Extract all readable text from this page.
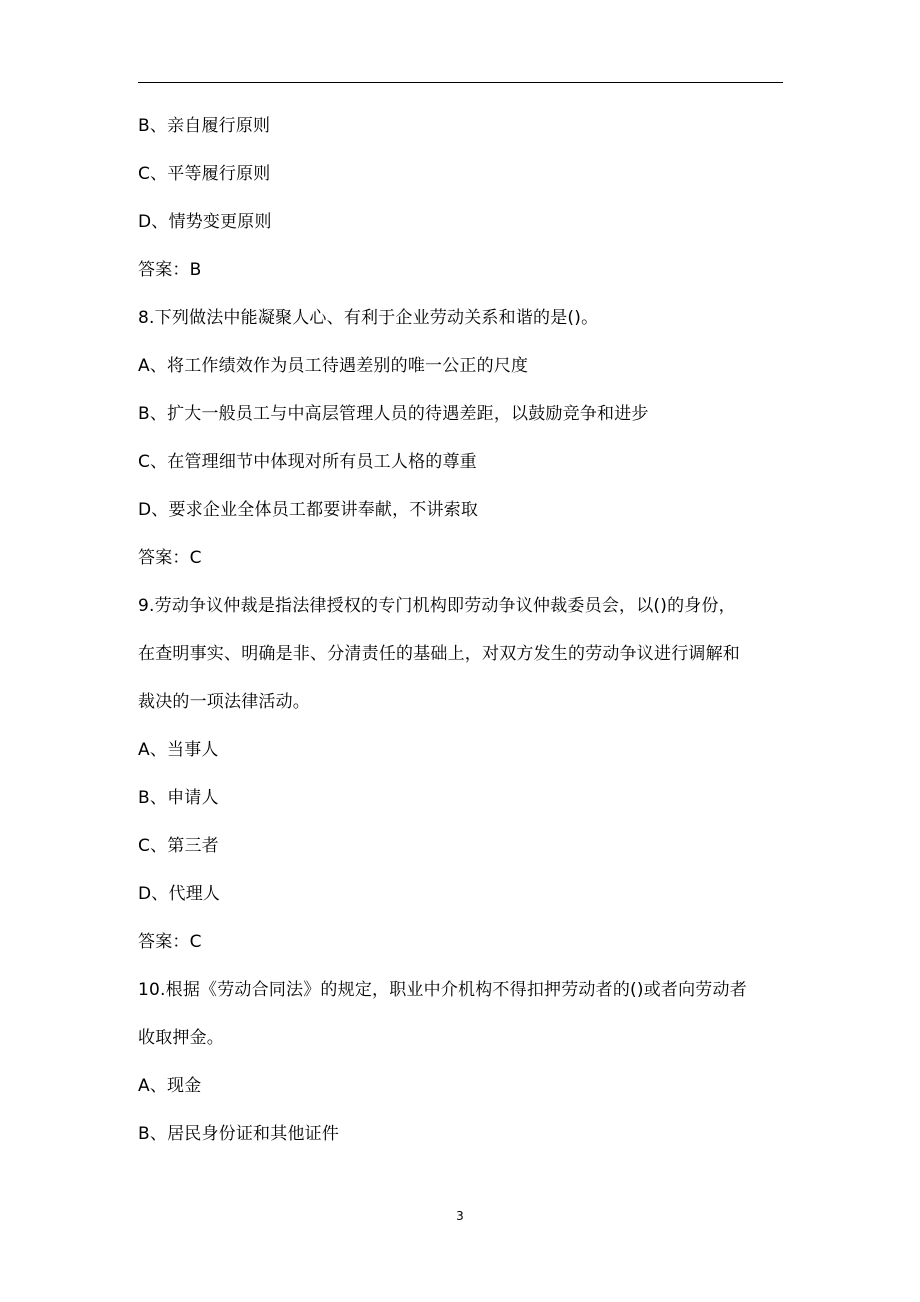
B、亲自履行原则
C、平等履行原则
D、情势变更原则
答案：B
8.下列做法中能凝聚人心、有利于企业劳动关系和谐的是()。
A、将工作绩效作为员工待遇差别的唯一公正的尺度
B、扩大一般员工与中高层管理人员的待遇差距，以鼓励竞争和进步
C、在管理细节中体现对所有员工人格的尊重
D、要求企业全体员工都要讲奉献，不讲索取
答案：C
9.劳动争议仲裁是指法律授权的专门机构即劳动争议仲裁委员会，以()的身份，
在查明事实、明确是非、分清责任的基础上，对双方发生的劳动争议进行调解和
裁决的一项法律活动。
A、当事人
B、申请人
C、第三者
D、代理人
答案：C
10.根据《劳动合同法》的规定，职业中介机构不得扣押劳动者的()或者向劳动者
收取押金。
A、现金
B、居民身份证和其他证件
3
